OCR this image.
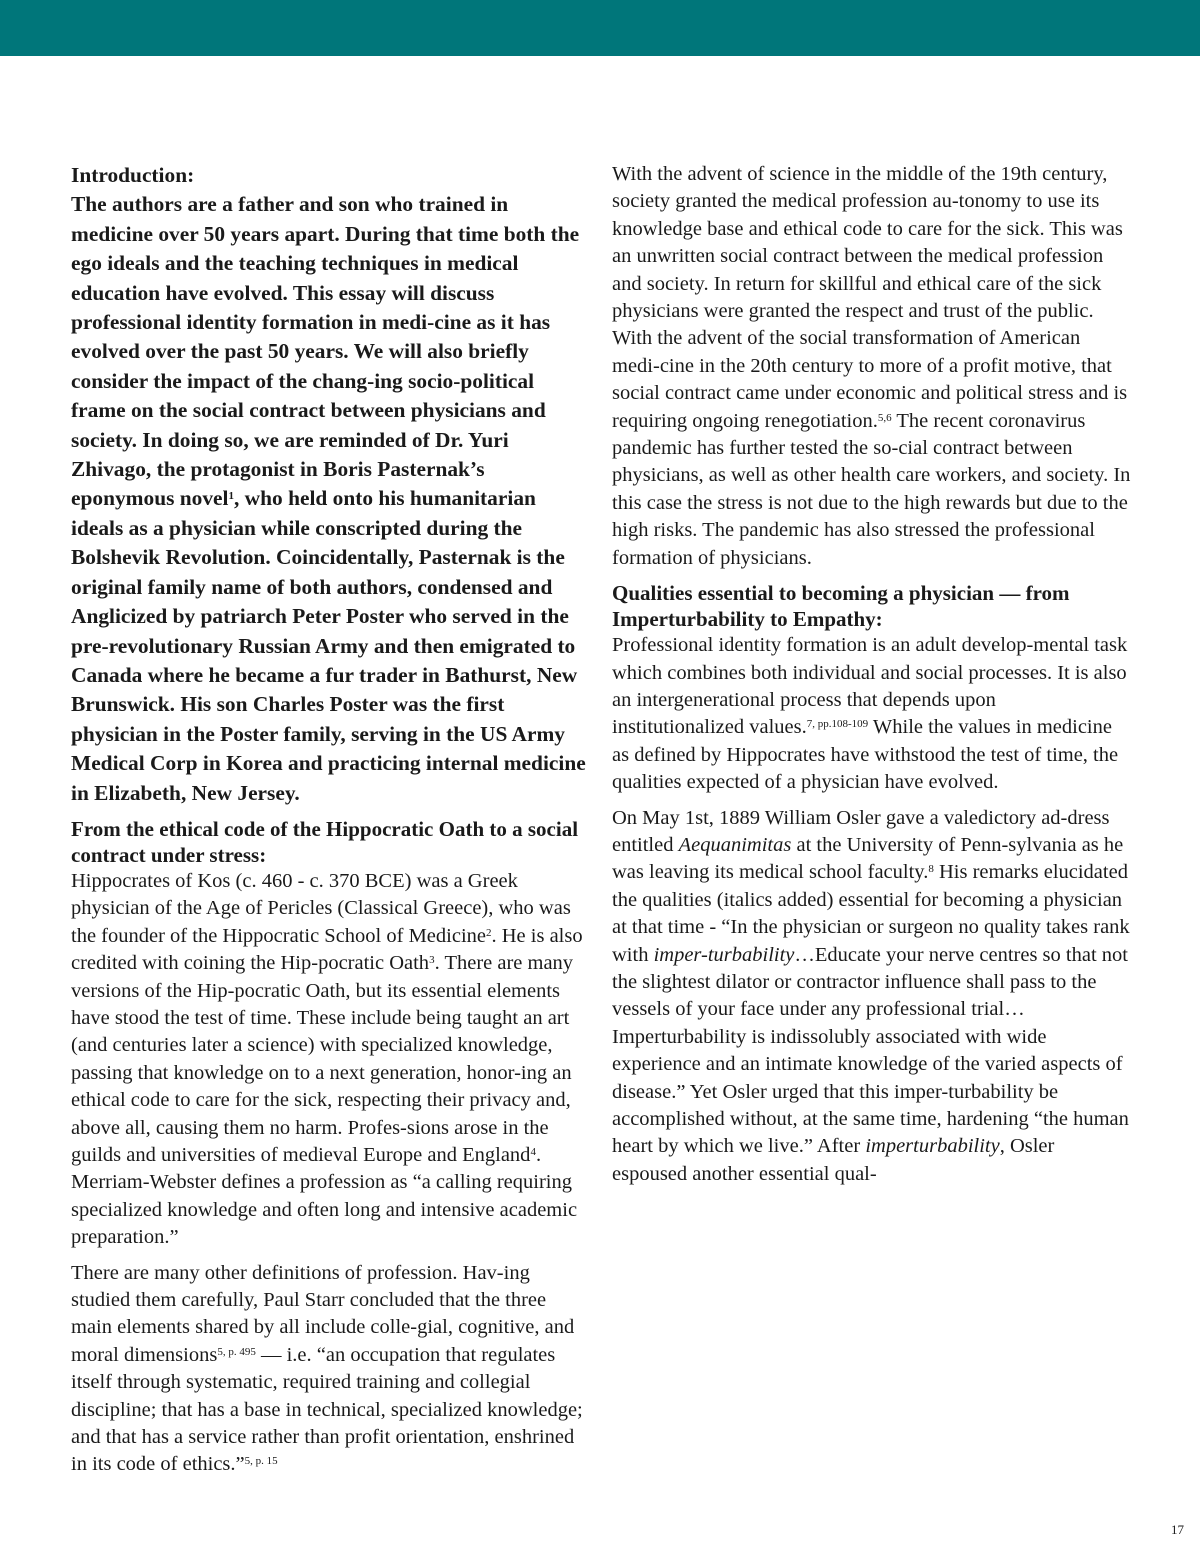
Introduction:
The authors are a father and son who trained in medicine over 50 years apart. During that time both the ego ideals and the teaching techniques in medical education have evolved. This essay will discuss professional identity formation in medi-cine as it has evolved over the past 50 years. We will also briefly consider the impact of the chang-ing socio-political frame on the social contract between physicians and society. In doing so, we are reminded of Dr. Yuri Zhivago, the protagonist in Boris Pasternak’s eponymous novel$^1$, who held onto his humanitarian ideals as a physician while conscripted during the Bolshevik Revolution. Coincidentally, Pasternak is the original family name of both authors, condensed and Anglicized by patriarch Peter Poster who served in the pre-revolutionary Russian Army and then emigrated to Canada where he became a fur trader in Bathurst, New Brunswick. His son Charles Poster was the first physician in the Poster family, serving in the US Army Medical Corp in Korea and practicing internal medicine in Elizabeth, New Jersey.

From the ethical code of the Hippocratic Oath to a social contract under stress:
Hippocrates of Kos (c. 460 - c. 370 BCE) was a Greek physician of the Age of Pericles (Classical Greece), who was the founder of the Hippocratic School of Medicine$^2$. He is also credited with coining the Hip-pocratic Oath$^3$. There are many versions of the Hip-pocratic Oath, but its essential elements have stood the test of time. These include being taught an art (and centuries later a science) with specialized knowledge, passing that knowledge on to a next generation, honor-ing an ethical code to care for the sick, respecting their privacy and, above all, causing them no harm. Profes-sions arose in the guilds and universities of medieval Europe and England$^4$. Merriam-Webster defines a profession as “a calling requiring specialized knowledge and often long and intensive academic preparation.”

There are many other definitions of profession. Hav-ing studied them carefully, Paul Starr concluded that the three main elements shared by all include colle-gial, cognitive, and moral dimensions$^{5, p. 495}$ — i.e. “an occupation that regulates itself through systematic, required training and collegial discipline; that has a base in technical, specialized knowledge; and that has a service rather than profit orientation, enshrined in its code of ethics.”$^{5, p. 15}$

With the advent of science in the middle of the 19th century, society granted the medical profession au-tonomy to use its knowledge base and ethical code to care for the sick. This was an unwritten social contract between the medical profession and society. In return for skillful and ethical care of the sick physicians were granted the respect and trust of the public. With the advent of the social transformation of American medi-cine in the 20th century to more of a profit motive, that social contract came under economic and political stress and is requiring ongoing renegotiation.$^{5,6}$ The recent coronavirus pandemic has further tested the so-cial contract between physicians, as well as other health care workers, and society. In this case the stress is not due to the high rewards but due to the high risks. The pandemic has also stressed the professional formation of physicians.

Qualities essential to becoming a physician — from Imperturbability to Empathy:
Professional identity formation is an adult develop-mental task which combines both individual and social processes. It is also an intergenerational process that depends upon institutionalized values.$^{7, pp.108-109}$ While the values in medicine as defined by Hippocrates have withstood the test of time, the qualities expected of a physician have evolved.

On May 1st, 1889 William Osler gave a valedictory ad-dress entitled Aequanimitas at the University of Penn-sylvania as he was leaving its medical school faculty.$^8$ His remarks elucidated the qualities (italics added) essential for becoming a physician at that time - “In the physician or surgeon no quality takes rank with imper-turbability…Educate your nerve centres so that not the slightest dilator or contractor influence shall pass to the vessels of your face under any professional trial… Imperturbability is indissolubly associated with wide experience and an intimate knowledge of the varied aspects of disease.” Yet Osler urged that this imper-turbability be accomplished without, at the same time, hardening “the human heart by which we live.” After imperturbability, Osler espoused another essential qual-

17
